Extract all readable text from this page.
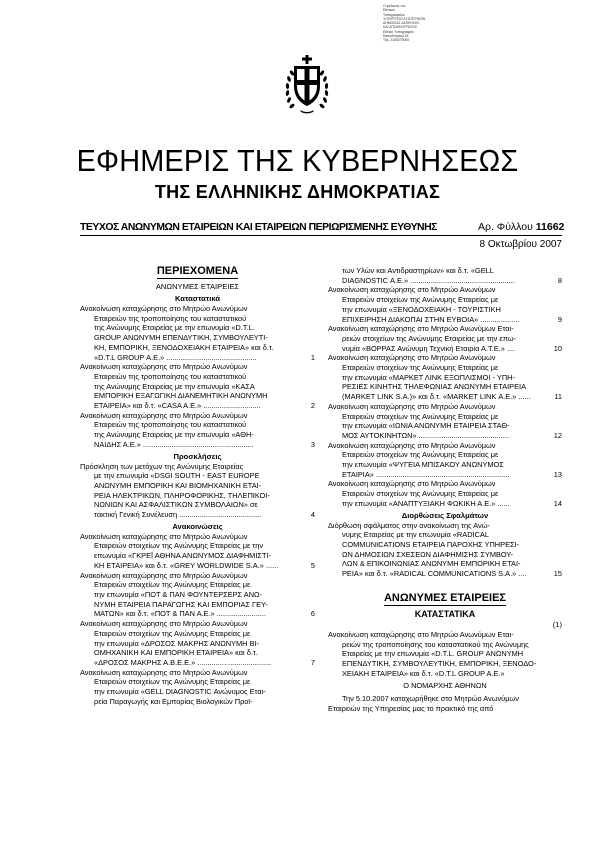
Ο φύλακας του
Εθνικού
Τυπογραφείου
ΥΠΟΥΡΓΕΙΟ ΕΣΩΤΕΡΙΚΩΝ
ΔΗΜΟΣΙΑΣ ΔΙΟΙΚΗΣΗΣ
ΚΑΙ ΑΠΟΚΕΝΤΡΩΣΗΣ
Εθνικό Τυπογραφείο
Καποδιστρίου 34
Τηλ. 2105279000
ΕΦΗΜΕΡΙΣ ΤΗΣ ΚΥΒΕΡΝΗΣΕΩΣ
ΤΗΣ ΕΛΛΗΝΙΚΗΣ ΔΗΜΟΚΡΑΤΙΑΣ
ΤΕΥΧΟΣ ΑΝΩΝΥΜΩΝ ΕΤΑΙΡΕΙΩΝ ΚΑΙ ΕΤΑΙΡΕΙΩΝ ΠΕΡΙΩΡΙΣΜΕΝΗΣ ΕΥΘΥΝΗΣ	Αρ. Φύλλου 11662
8 Οκτωβρίου 2007
ΠΕΡΙΕΧΟΜΕΝΑ
ΑΝΩΝΥΜΕΣ ΕΤΑΙΡΕΙΕΣ
Καταστατικά
Ανακοίνωση καταχώρησης στο Μητρώο Ανωνύμων
Εταιρειών της τροποποίησης του καταστατικού
της Ανώνυμης Εταιρείας με την επωνυμία «D.T.L.
GROUP ΑΝΩΝΥΜΗ ΕΠΕΝΔΥΤΙΚΗ, ΣΥΜΒΟΥΛΕΥΤΙ-
ΚΗ, ΕΜΠΟΡΙΚΗ, ΞΕΝΟΔΟΧΕΙΑΚΗ ΕΤΑΙΡΕΙΑ» και δ.τ.
«D.T.L GROUP Α.Ε.» ............................................	1
Ανακοίνωση καταχώρησης στο Μητρώο Ανωνύμων
Εταιρειών της τροποποίησης του καταστατικού
της Ανώνυμης Εταιρείας με την επωνυμία «ΚΑΣΑ
ΕΜΠΟΡΙΚΗ ΕΞΑΓΩΓΙΚΗ ΔΙΑΝΕΜΗΤΙΚΗ ΑΝΩΝΥΜΗ
ΕΤΑΙΡΕΙΑ» και δ.τ. «CASA A.E.» ............................	2
Ανακοίνωση καταχώρησης στο Μητρώο Ανωνύμων
Εταιρειών της τροποποίησης του καταστατικού
της Ανώνυμης Εταιρείας με την επωνυμία «ΑΘΗ-
ΝΑΙΔΗΣ Α.Ε.» ......................................................	3
Προσκλήσεις
Πρόσκληση των μετόχων της Ανώνυμης Εταιρείας
με την επωνυμία «DSGI SOUTH - EAST EUROPE
ΑΝΩΝΥΜΗ ΕΜΠΟΡΙΚΗ ΚΑΙ ΒΙΟΜΗΧΑΝΙΚΗ ΕΤΑΙ-
ΡΕΙΑ ΗΛΕΚΤΡΙΚΩΝ, ΠΛΗΡΟΦΟΡΙΚΗΣ, ΤΗΛΕΠΙΚΟΙ-
ΝΩΝΙΩΝ ΚΑΙ ΑΣΦΑΛΙΣΤΙΚΩΝ ΣΥΜΒΟΛΑΙΩΝ» σε
τακτική Γενική Συνέλευση ........................................	4
Ανακοινώσεις
Ανακοίνωση καταχώρησης στο Μητρώο Ανωνύμων
Εταιρειών στοιχείων της Ανώνυμης Εταιρείας με την
επωνυμία «ΓΚΡΕΪ ΑΘΗΝΑ ΑΝΩΝΥΜΟΣ ΔΙΑΦΗΜΙΣΤΙ-
ΚΗ ΕΤΑΙΡΕΙΑ» και δ.τ. «GREY WORLDWIDE S.A.» ......	5
Ανακοίνωση καταχώρησης στο Μητρώο Ανωνύμων
Εταιρειών στοιχείων της Ανώνυμης Εταιρείας με
την επωνυμία «ΠΟΤ & ΠΑΝ ΦΟΥΝΤΕΡΣΕΡΣ ΑΝΩ-
ΝΥΜΗ ΕΤΑΙΡΕΙΑ ΠΑΡΑΓΩΓΗΣ ΚΑΙ ΕΜΠΟΡΙΑΣ ΓΕΥ-
ΜΑΤΩΝ» και δ.τ. «ΠΟΤ & ΠΑΝ Α.Ε.» ........................	6
Ανακοίνωση καταχώρησης στο Μητρώο Ανωνύμων
Εταιρειών στοιχείων της Ανώνυμης Εταιρείας με
την επωνυμία «ΔΡΟΣΟΣ ΜΑΚΡΗΣ ΑΝΩΝΥΜΗ ΒΙ-
ΟΜΗΧΑΝΙΚΗ ΚΑΙ ΕΜΠΟΡΙΚΗ ΕΤΑΙΡΕΙΑ» και δ.τ.
«ΔΡΟΣΟΣ ΜΑΚΡΗΣ Α.Β.Ε.Ε.» ....................................	7
Ανακοίνωση καταχώρησης στο Μητρώο Ανωνύμων
Εταιρειών στοιχείων της Ανώνυμης Εταιρείας με
την επωνυμία «GELL DIAGNOSTIC Ανώνυμος Εται-
ρεία Παραγωγής και Εμπορίας Βιολογικών Προϊ-
των Υλών και Αντιδραστηρίων» και δ.τ. «GELL
DIAGNOSTIC Α.Ε.» ...................................................	8
Ανακοίνωση καταχώρησης στο Μητρώο Ανωνύμων
Εταιρειών στοιχείων της Ανώνυμης Εταιρείας με
την επωνυμία «ΞΕΝΟΔΟΧΕΙΑΚΗ - ΤΟΥΡΙΣΤΙΚΗ
ΕΠΙΧΕΙΡΗΣΗ ΔΙΑΚΟΠΑΙ ΣΤΗΝ ΕΥΒΟΙΑ» ...................	9
Ανακοίνωση καταχώρησης στο Μητρώο Ανωνύμων Εται-
ρειών στοιχείων της Ανώνυμης Εταιρείας με την επω-
νυμία «ΒΟΡΡΑΣ Ανώνυμη Τεχνική Εταιρία Α.Τ.Ε.» ....	10
Ανακοίνωση καταχώρησης στο Μητρώο Ανωνύμων
Εταιρειών στοιχείων της Ανώνυμης Εταιρείας με
την επωνυμία «ΜΑΡΚΕΤ ΛΙΝΚ ΕΞΟΠΛΙΣΜΟΙ - ΥΠΗ-
ΡΕΣΙΕΣ ΚΙΝΗΤΗΣ ΤΗΛΕΦΩΝΙΑΣ ΑΝΩΝΥΜΗ ΕΤΑΙΡΕΙΑ
(MARKET LINK S.A.)» και δ.τ. «MARKET LINK Α.Ε.» ......	11
Ανακοίνωση καταχώρησης στο Μητρώο Ανωνύμων
Εταιρειών στοιχείων της Ανώνυμης Εταιρείας με
την επωνυμία «ΙΩΝΙΑ ΑΝΩΝΥΜΗ ΕΤΑΙΡΕΙΑ ΣΤΑΘ-
ΜΟΣ ΑΥΤΟΚΙΝΗΤΩΝ» ............................................	12
Ανακοίνωση καταχώρησης στο Μητρώο Ανωνύμων
Εταιρειών στοιχείων της Ανώνυμης Εταιρείας με
την επωνυμία «ΨΥΓΕΙΑ ΜΠΙΣΑΚΟΥ ΑΝΩΝΥΜΟΣ
ΕΤΑΙΡΙΑ» .................................................................	13
Ανακοίνωση καταχώρησης στο Μητρώο Ανωνύμων
Εταιρειών στοιχείων της Ανώνυμης Εταιρείας με
την επωνυμία «ΑΝΑΠΤΥΞΙΑΚΗ ΦΩΚΙΚΗ Α.Ε.» ......	14
Διορθώσεις Σφαλμάτων
Διόρθωση σφάλματος στην ανακοίνωση της Ανώ-
νυμης Εταιρείας με την επωνυμία «RADICAL
COMMUNICATIONS ΕΤΑΙΡΕΙΑ ΠΑΡΟΧΗΣ ΥΠΗΡΕΣΙ-
ΩΝ ΔΗΜΟΣΙΩΝ ΣΧΕΣΕΩΝ ΔΙΑΦΗΜΙΣΗΣ ΣΥΜΒΟΥ-
ΛΩΝ & ΕΠΙΚΟΙΝΩΝΙΑΣ ΑΝΩΝΥΜΗ ΕΜΠΟΡΙΚΗ ΕΤΑΙ-
ΡΕΙΑ» και δ.τ. «RADICAL COMMUNICATIONS S.A.» ....	15
ΑΝΩΝΥΜΕΣ ΕΤΑΙΡΕΙΕΣ
ΚΑΤΑΣΤΑΤΙΚΑ
(1)
Ανακοίνωση καταχώρησης στο Μητρώο Ανωνύμων Εται-
ρειών της τροποποίησης του καταστατικού της Ανώνυμης
Εταιρείας με την επωνυμία «D.T.L. GROUP ΑΝΩΝΥΜΗ
ΕΠΕΝΔΥΤΙΚΗ, ΣΥΜΒΟΥΛΕΥΤΙΚΗ, ΕΜΠΟΡΙΚΗ, ΞΕΝΟΔΟ-
ΧΕΙΑΚΗ ΕΤΑΙΡΕΙΑ» και δ.τ. «D.T.L GROUP A.E.»
Ο ΝΟΜΑΡΧΗΣ ΑΘΗΝΩΝ
Την 5.10.2007 καταχωρήθηκε στο Μητρώο Ανωνύμων
Εταιρειών της Υπηρεσίας μας το πρακτικό της από
